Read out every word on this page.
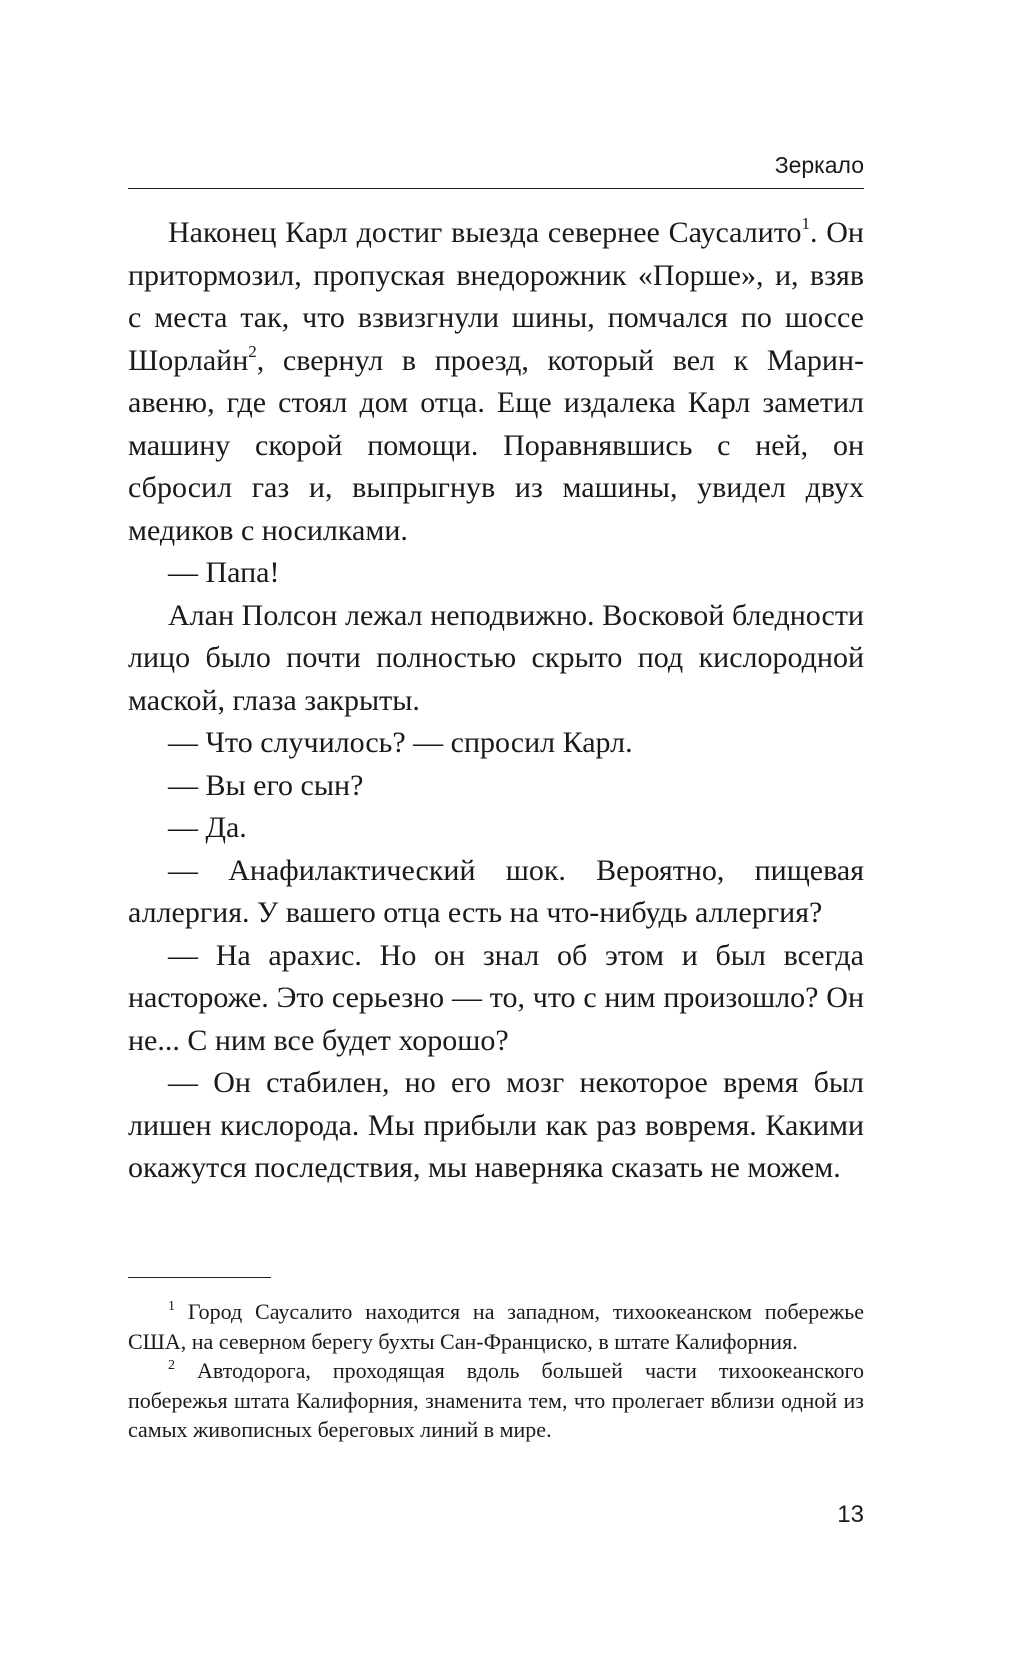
Зеркало

Наконец Карл достиг выезда севернее Саусалито$^1$. Он притормозил, пропуская внедорожник «Порше», и, взяв с места так, что взвизгнули шины, помчался по шоссе Шорлайн$^2$, свернул в проезд, который вел к Марин-авеню, где стоял дом отца. Еще издалека Карл заметил машину скорой помощи. Поравнявшись с ней, он сбросил газ и, выпрыгнув из машины, увидел двух медиков с носилками.

— Папа!

Алан Полсон лежал неподвижно. Восковой бледности лицо было почти полностью скрыто под кислородной маской, глаза закрыты.

— Что случилось? — спросил Карл.

— Вы его сын?

— Да.

— Анафилактический шок. Вероятно, пищевая аллергия. У вашего отца есть на что-нибудь аллергия?

— На арахис. Но он знал об этом и был всегда настороже. Это серьезно — то, что с ним произошло? Он не... С ним все будет хорошо?

— Он стабилен, но его мозг некоторое время был лишен кислорода. Мы прибыли как раз вовремя. Какими окажутся последствия, мы наверняка сказать не можем.

$^1$ Город Саусалито находится на западном, тихоокеанском побережье США, на северном берегу бухты Сан-Франциско, в штате Калифорния.

$^2$ Автодорога, проходящая вдоль большей части тихоокеанского побережья штата Калифорния, знаменита тем, что пролегает вблизи одной из самых живописных береговых линий в мире.

13
